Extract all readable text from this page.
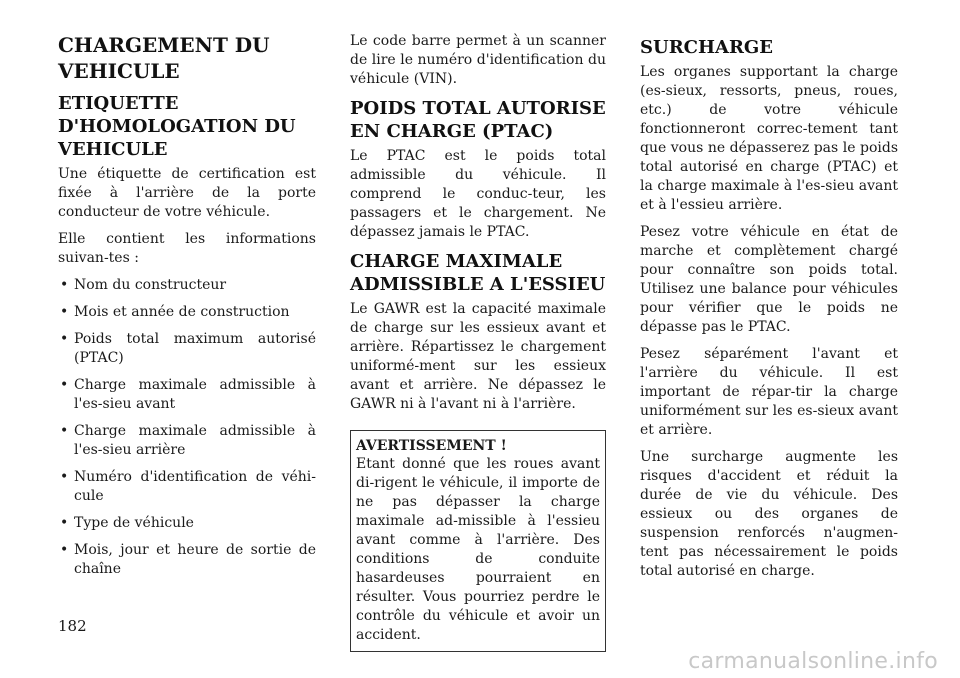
CHARGEMENT DU VEHICULE
ETIQUETTE D'HOMOLOGATION DU VEHICULE

Une étiquette de certification est fixée à l'arrière de la porte conducteur de votre véhicule.

Elle contient les informations suivan-tes :

• Nom du constructeur
• Mois et année de construction
• Poids total maximum autorisé (PTAC)
• Charge maximale admissible à l'es-sieu avant
• Charge maximale admissible à l'es-sieu arrière
• Numéro d'identification de véhi-cule
• Type de véhicule
• Mois, jour et heure de sortie de chaîne

Le code barre permet à un scanner de lire le numéro d'identification du véhicule (VIN).

POIDS TOTAL AUTORISE EN CHARGE (PTAC)

Le PTAC est le poids total admissible du véhicule. Il comprend le conduc-teur, les passagers et le chargement. Ne dépassez jamais le PTAC.

CHARGE MAXIMALE ADMISSIBLE A L'ESSIEU

Le GAWR est la capacité maximale de charge sur les essieux avant et arrière. Répartissez le chargement uniformé-ment sur les essieux avant et arrière. Ne dépassez le GAWR ni à l'avant ni à l'arrière.

AVERTISSEMENT !

Etant donné que les roues avant di-rigent le véhicule, il importe de ne pas dépasser la charge maximale ad-missible à l'essieu avant comme à l'arrière. Des conditions de conduite hasardeuses pourraient en résulter. Vous pourriez perdre le contrôle du véhicule et avoir un accident.

SURCHARGE

Les organes supportant la charge (es-sieux, ressorts, pneus, roues, etc.) de votre véhicule fonctionneront correc-tement tant que vous ne dépasserez pas le poids total autorisé en charge (PTAC) et la charge maximale à l'es-sieu avant et à l'essieu arrière.

Pesez votre véhicule en état de marche et complètement chargé pour connaître son poids total. Utilisez une balance pour véhicules pour vérifier que le poids ne dépasse pas le PTAC.

Pesez séparément l'avant et l'arrière du véhicule. Il est important de répar-tir la charge uniformément sur les es-sieux avant et arrière.

Une surcharge augmente les risques d'accident et réduit la durée de vie du véhicule. Des essieux ou des organes de suspension renforcés n'augmen-tent pas nécessairement le poids total autorisé en charge.

182
carmanualsonline.info
